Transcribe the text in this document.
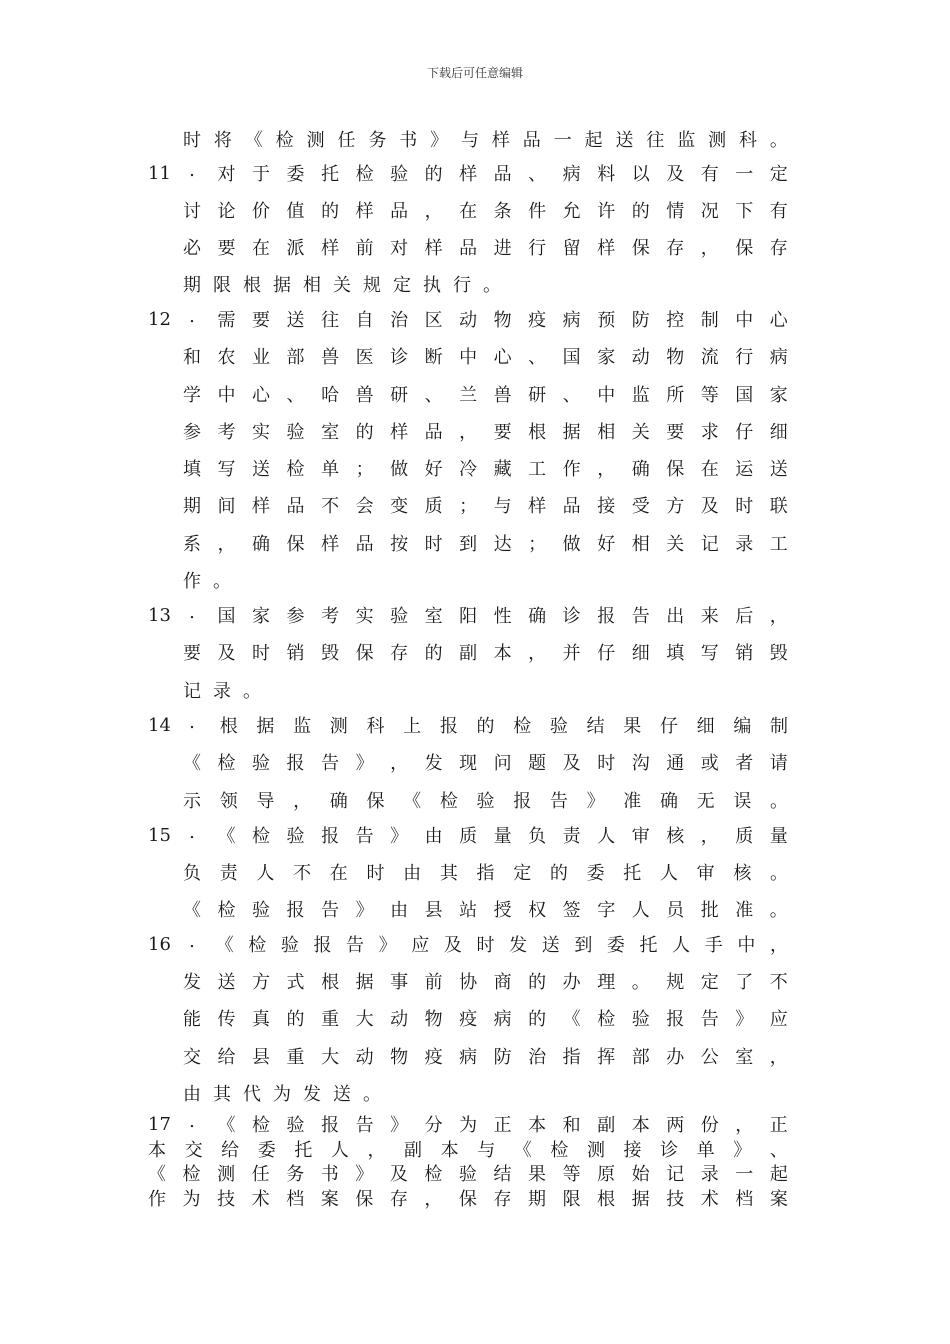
下载后可任意编辑
时 将 《 检 测 任 务 书 》 与 样 品 一 起 送 往 监 测 科 。
11	.	对 于 委 托 检 验 的 样 品 、 病 料 以 及 有 一 定
讨 论 价 值 的 样 品 ， 在 条 件 允 许 的 情 况 下 有
必 要 在 派 样 前 对 样 品 进 行 留 样 保 存 ， 保 存
期 限 根 据 相 关 规 定 执 行 。
12	.	需 要 送 往 自 治 区 动 物 疫 病 预 防 控 制 中 心
和 农 业 部 兽 医 诊 断 中 心 、 国 家 动 物 流 行 病
学 中 心 、 哈 兽 研 、 兰 兽 研 、 中 监 所 等 国 家
参 考 实 验 室 的 样 品 ， 要 根 据 相 关 要 求 仔 细
填 写 送 检 单 ； 做 好 冷 藏 工 作 ， 确 保 在 运 送
期 间 样 品 不 会 变 质 ； 与 样 品 接 受 方 及 时 联
系 ， 确 保 样 品 按 时 到 达 ； 做 好 相 关 记 录 工
作 。
13	.	国 家 参 考 实 验 室 阳 性 确 诊 报 告 出 来 后 ，
要 及 时 销 毁 保 存 的 副 本 ， 并 仔 细 填 写 销 毁
记 录 。
14	.	根 据 监 测 科 上 报 的 检 验 结 果 仔 细 编 制
《 检 验 报 告 》 ， 发 现 问 题 及 时 沟 通 或 者 请
示 领 导 ， 确 保 《 检 验 报 告 》 准 确 无 误 。
15	.	《 检 验 报 告 》 由 质 量 负 责 人 审 核 ， 质 量
负 责 人 不 在 时 由 其 指 定 的 委 托 人 审 核 。
《 检 验 报 告 》 由 县 站 授 权 签 字 人 员 批 准 。
16	.	《 检 验 报 告 》 应 及 时 发 送 到 委 托 人 手 中 ，
发 送 方 式 根 据 事 前 协 商 的 办 理 。 规 定 了 不
能 传 真 的 重 大 动 物 疫 病 的 《 检 验 报 告 》 应
交 给 县 重 大 动 物 疫 病 防 治 指 挥 部 办 公 室 ，
由 其 代 为 发 送 。
17	.	《 检 验 报 告 》 分 为 正 本 和 副 本 两 份 ， 正
本 交 给 委 托 人 ， 副 本 与 《 检 测 接 诊 单 》 、
《 检 测 任 务 书 》 及 检 验 结 果 等 原 始 记 录 一 起
作 为 技 术 档 案 保 存 ， 保 存 期 限 根 据 技 术 档 案
